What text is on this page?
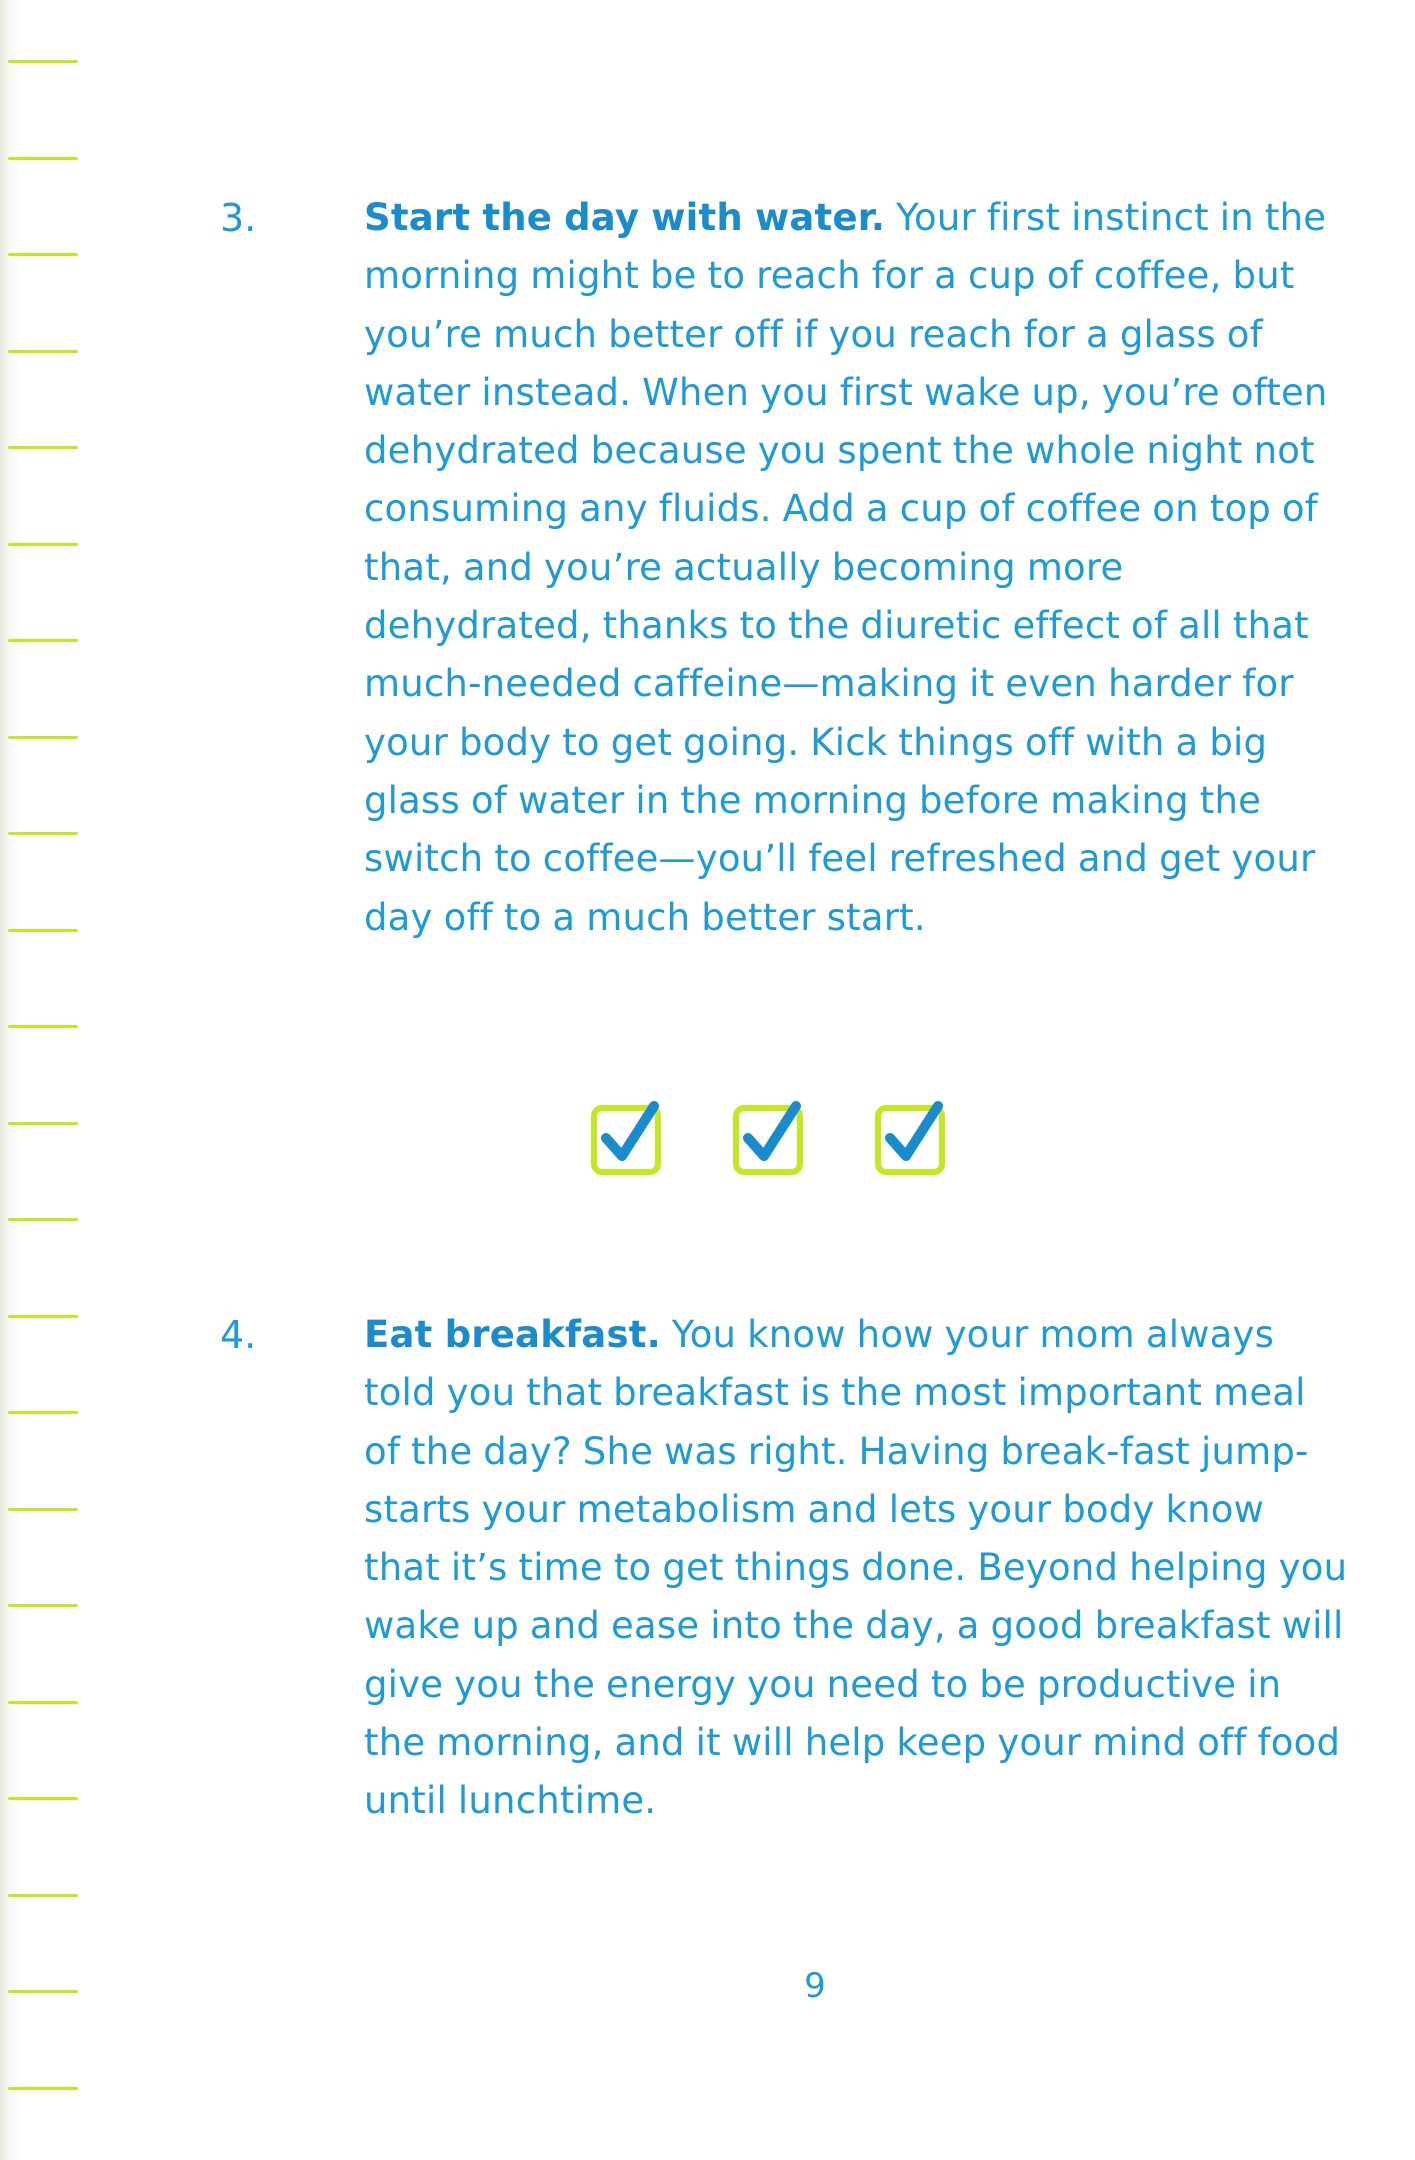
3.	Start the day with water. Your first instinct in the morning might be to reach for a cup of coffee, but you’re much better off if you reach for a glass of water instead. When you first wake up, you’re often dehydrated because you spent the whole night not consuming any fluids. Add a cup of coffee on top of that, and you’re actually becoming more dehydrated, thanks to the diuretic effect of all that much-needed caffeine—making it even harder for your body to get going. Kick things off with a big glass of water in the morning before making the switch to coffee—you’ll feel refreshed and get your day off to a much better start.
4.	Eat breakfast. You know how your mom always told you that breakfast is the most important meal of the day? She was right. Having break-fast jump-starts your metabolism and lets your body know that it’s time to get things done. Beyond helping you wake up and ease into the day, a good breakfast will give you the energy you need to be productive in the morning, and it will help keep your mind off food until lunchtime.
9
